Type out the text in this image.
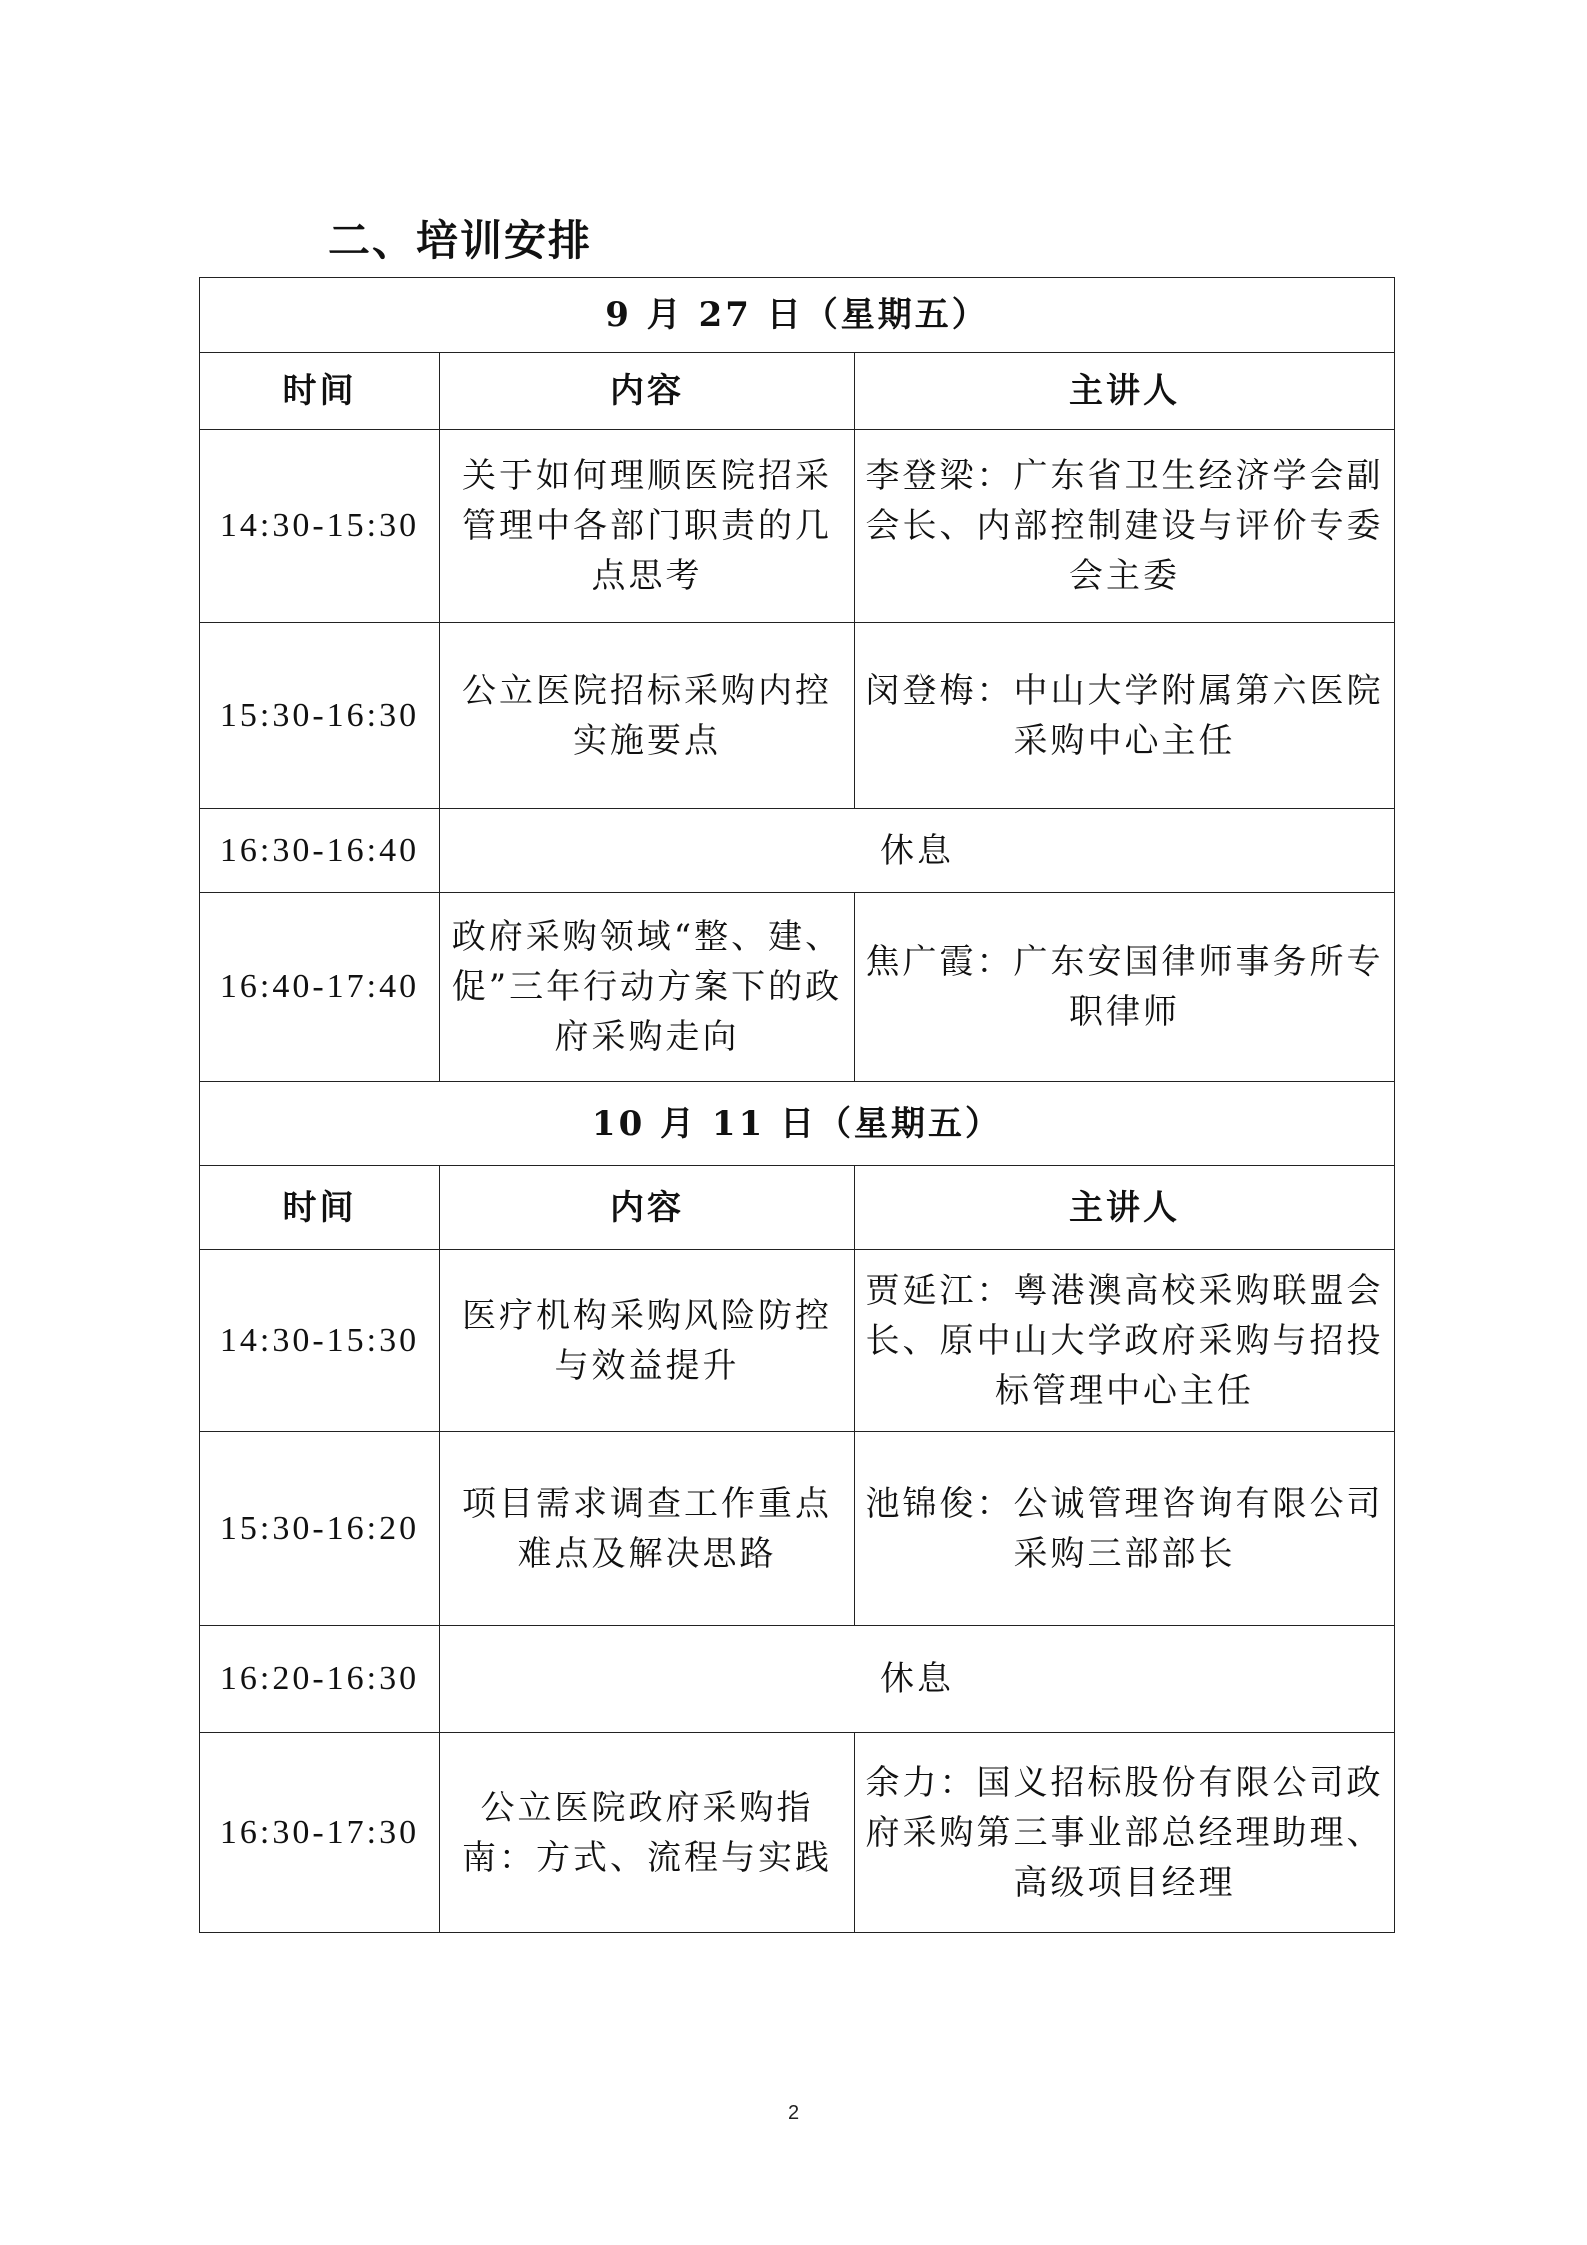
二、培训安排
9 月 27 日（星期五）		
时间	内容	主讲人
14:30-15:30	关于如何理顺医院招采管理中各部门职责的几点思考	李登梁：广东省卫生经济学会副会长、内部控制建设与评价专委会主委
15:30-16:30	公立医院招标采购内控实施要点	闵登梅：中山大学附属第六医院采购中心主任
16:30-16:40	休息	
16:40-17:40	政府采购领域“整、建、促”三年行动方案下的政府采购走向	焦广霞：广东安国律师事务所专职律师
10 月 11 日（星期五）		
时间	内容	主讲人
14:30-15:30	医疗机构采购风险防控与效益提升	贾延江：粤港澳高校采购联盟会长、原中山大学政府采购与招投标管理中心主任
15:30-16:20	项目需求调查工作重点难点及解决思路	池锦俊：公诚管理咨询有限公司采购三部部长
16:20-16:30	休息	
16:30-17:30	公立医院政府采购指南：方式、流程与实践	余力：国义招标股份有限公司政府采购第三事业部总经理助理、高级项目经理
2
